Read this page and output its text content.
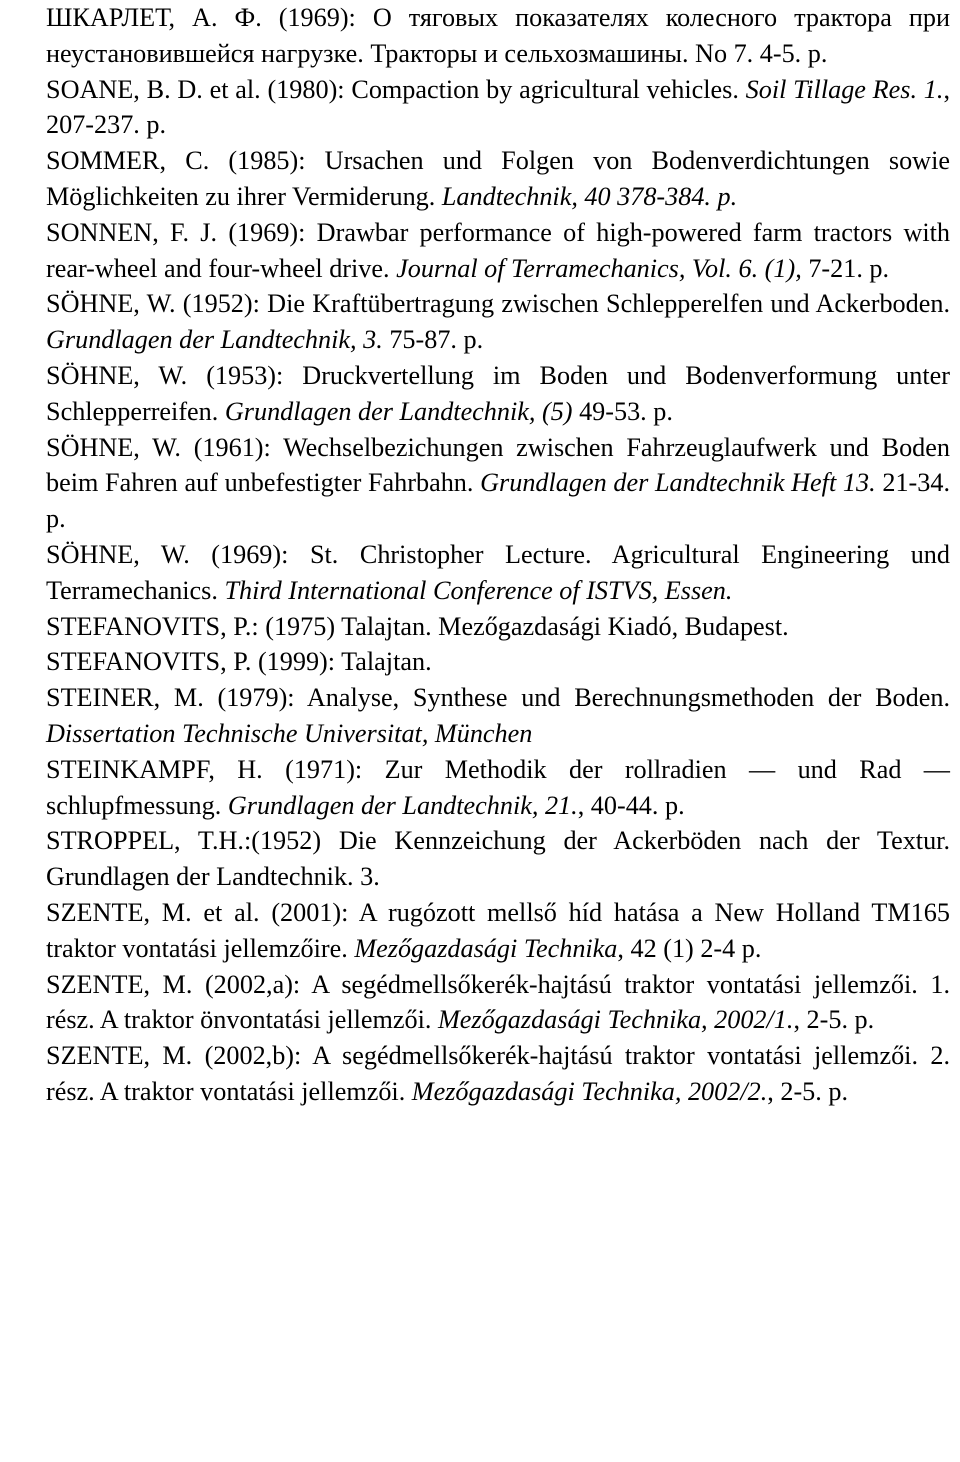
ШКАРЛЕТ, А. Ф. (1969): О тяговых показателях колесного трактора при неустановившейся нагрузке. Тракторы и сельхозмашины. No 7. 4-5. p.
SOANE, B. D. et al. (1980): Compaction by agricultural vehicles. Soil Tillage Res. 1., 207-237. p.
SOMMER, C. (1985): Ursachen und Folgen von Bodenverdichtungen sowie Möglichkeiten zu ihrer Vermiderung. Landtechnik, 40 378-384. p.
SONNEN, F. J. (1969): Drawbar performance of high-powered farm tractors with rear-wheel and four-wheel drive. Journal of Terramechanics, Vol. 6. (1), 7-21. p.
SÖHNE, W. (1952): Die Kraftübertragung zwischen Schlepperelfen und Ackerboden. Grundlagen der Landtechnik, 3. 75-87. p.
SÖHNE, W. (1953): Druckvertellung im Boden und Bodenverformung unter Schlepperreifen. Grundlagen der Landtechnik, (5) 49-53. p.
SÖHNE, W. (1961): Wechselbezichungen zwischen Fahrzeuglaufwerk und Boden beim Fahren auf unbefestigter Fahrbahn. Grundlagen der Landtechnik Heft 13. 21-34. p.
SÖHNE, W. (1969): St. Christopher Lecture. Agricultural Engineering und Terramechanics. Third International Conference of ISTVS, Essen.
STEFANOVITS, P.: (1975) Talajtan. Mezőgazdasági Kiadó, Budapest.
STEFANOVITS, P. (1999): Talajtan.
STEINER, M. (1979): Analyse, Synthese und Berechnungsmethoden der Boden. Dissertation Technische Universitat, München
STEINKAMPF, H. (1971): Zur Methodik der rollradien — und Rad — schlupfmessung. Grundlagen der Landtechnik, 21., 40-44. p.
STROPPEL, T.H.:(1952) Die Kennzeichung der Ackerböden nach der Textur. Grundlagen der Landtechnik. 3.
SZENTE, M. et al. (2001): A rugózott mellső híd hatása a New Holland TM165 traktor vontatási jellemzőire. Mezőgazdasági Technika, 42 (1) 2-4 p.
SZENTE, M. (2002,a): A segédmellsőkerék-hajtású traktor vontatási jellemzői. 1. rész. A traktor önvontatási jellemzői. Mezőgazdasági Technika, 2002/1., 2-5. p.
SZENTE, M. (2002,b): A segédmellsőkerék-hajtású traktor vontatási jellemzői. 2. rész. A traktor vontatási jellemzői. Mezőgazdasági Technika, 2002/2., 2-5. p.
